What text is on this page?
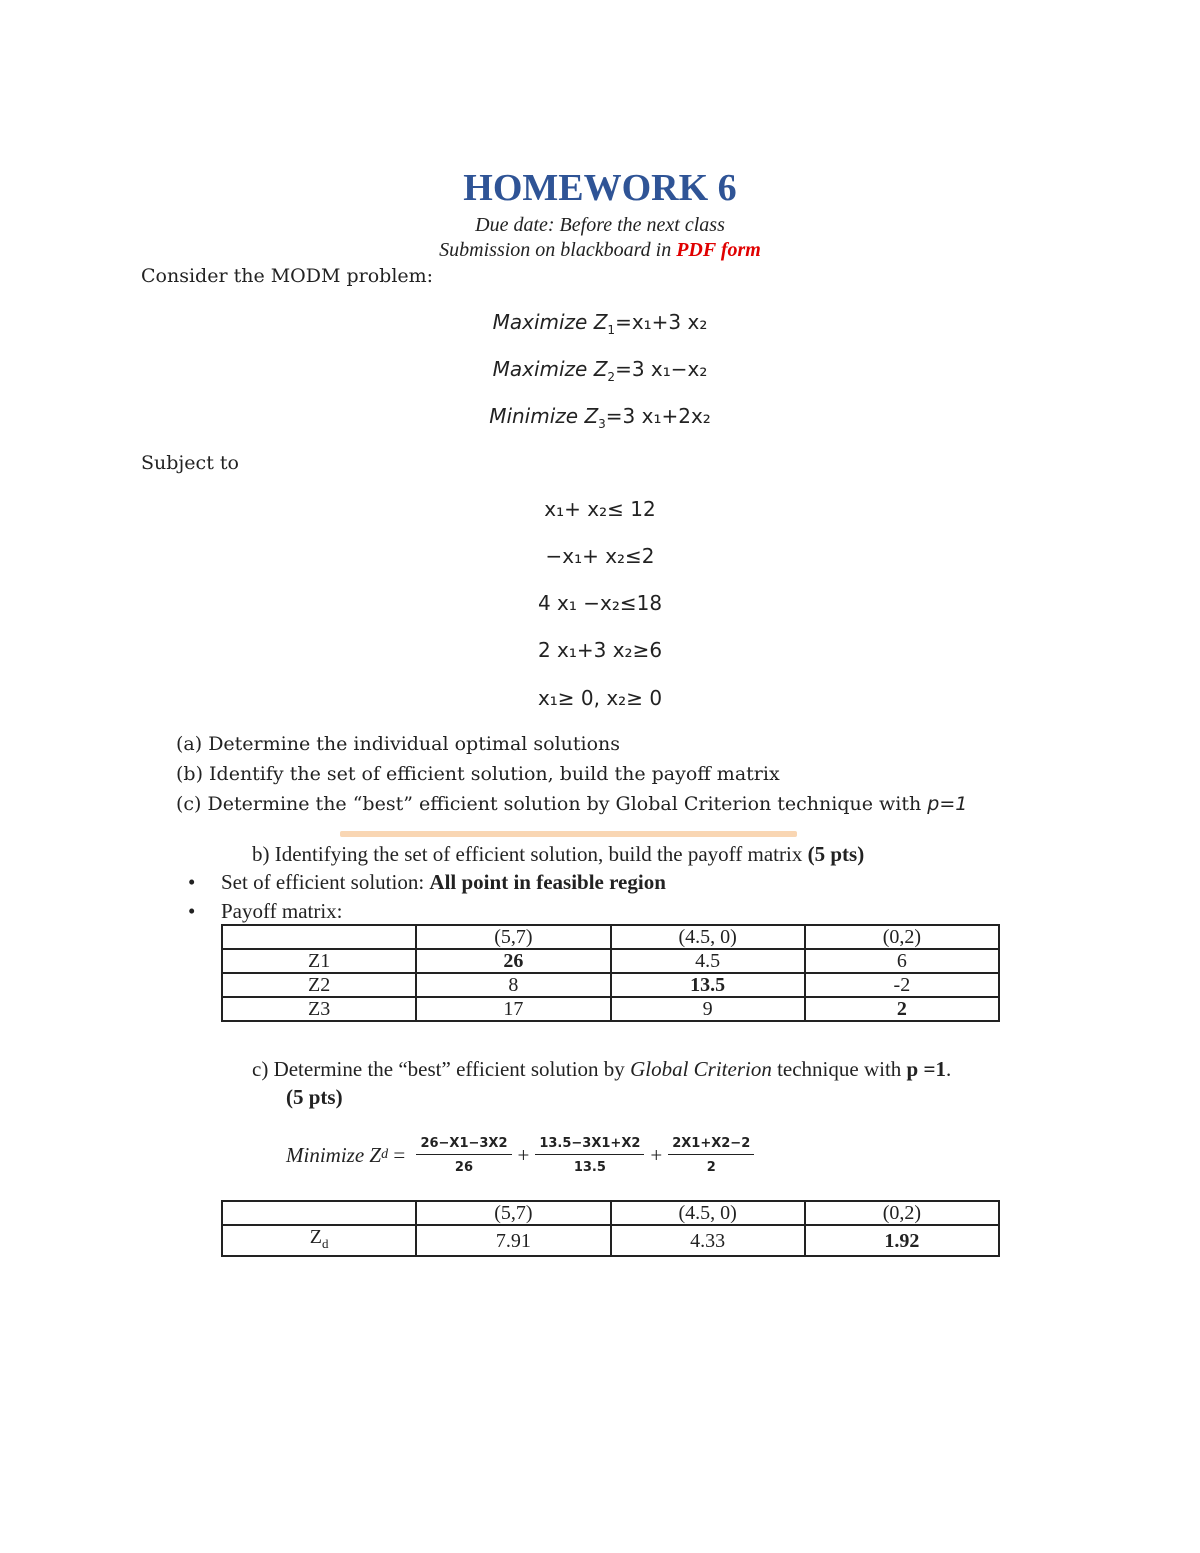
HOMEWORK 6
Due date: Before the next class
Submission on blackboard in PDF form
Consider the MODM problem:
Maximize $Z_1=x_1+3$ x₂
Maximize $Z_2=3$ x₁−x₂
Minimize $Z_3=3$ x₁+2x₂
Subject to
x₁+ x₂≤ 12
−x₁+ x₂≤2
4 x₁ −x₂≤18
2 x₁+3 x₂≥6
x₁≥ 0, x₂≥ 0
(a) Determine the individual optimal solutions
(b) Identify the set of efficient solution, build the payoff matrix
(c) Determine the “best” efficient solution by Global Criterion technique with p=1
b) Identifying the set of efficient solution, build the payoff matrix (5 pts)
• Set of efficient solution: All point in feasible region
• Payoff matrix:
	(5,7)	(4.5, 0)	(0,2)
Z1	26	4.5	6
Z2	8	13.5	-2
Z3	17	9	2
c) Determine the “best” efficient solution by Global Criterion technique with p =1.
(5 pts)
Minimize Z $d = \frac{26-X1-3X2}{26} + \frac{13.5-3X1+X2}{13.5} + \frac{2X1+X2-2}{2}$
	(5,7)	(4.5, 0)	(0,2)
$Z_d$	7.91	4.33	1.92
